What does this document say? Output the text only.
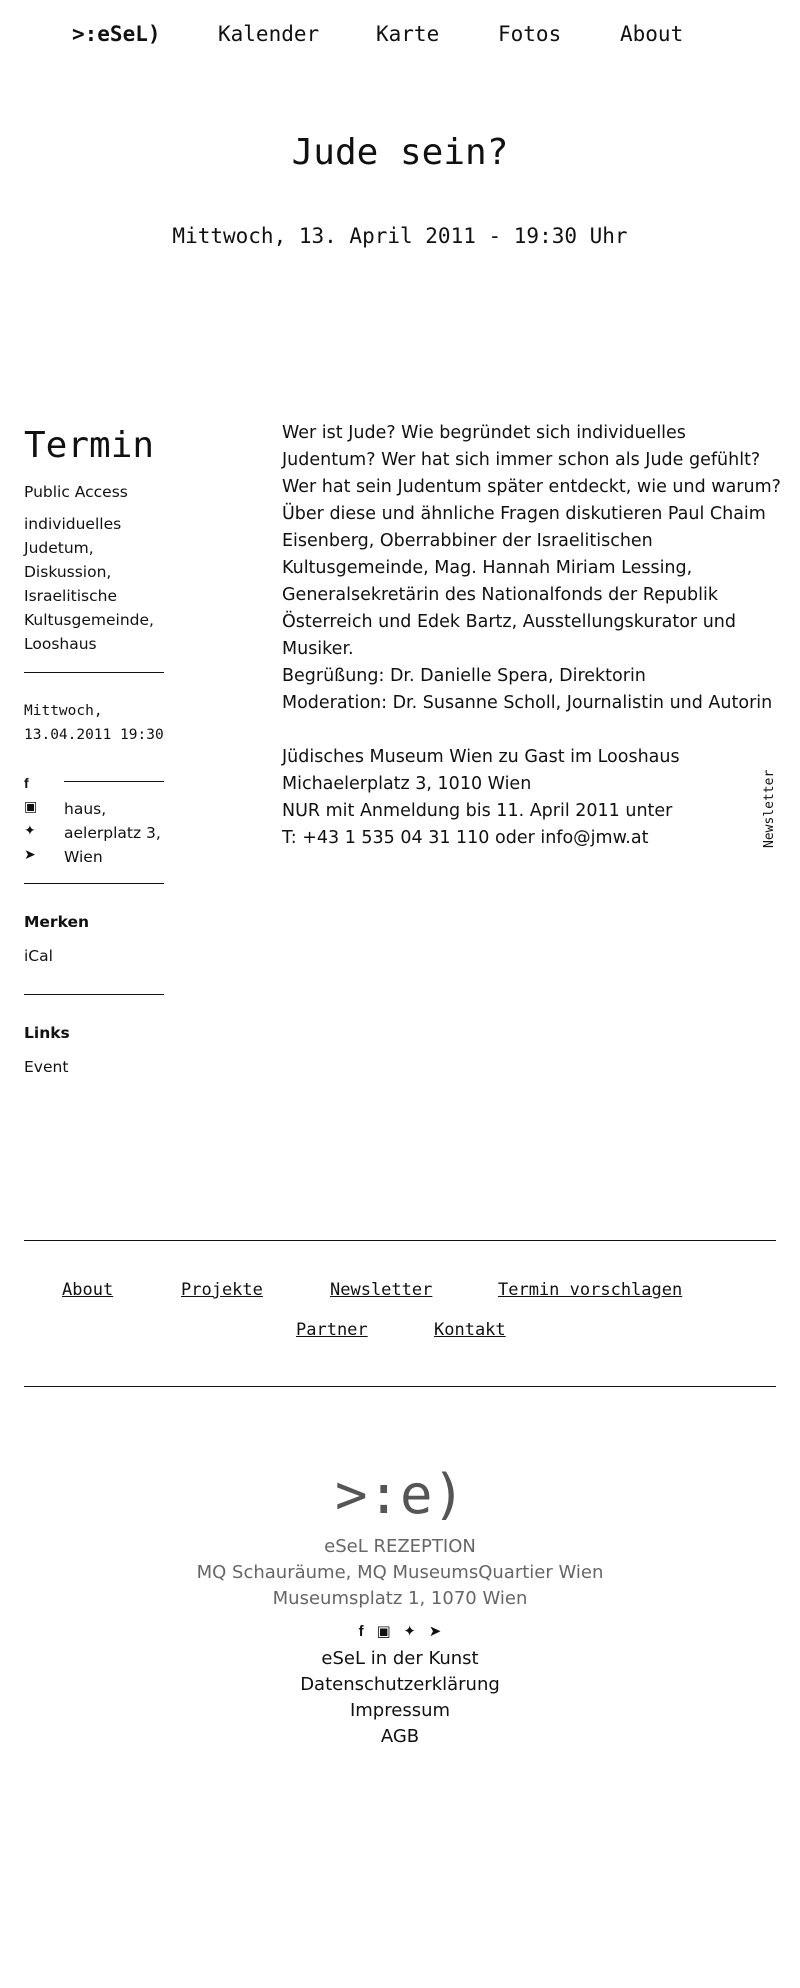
>:eSeL)	Kalender	Karte	Fotos	About
Jude sein?
Mittwoch, 13. April 2011 - 19:30 Uhr
Termin
Public Access
individuelles
Judetum,
Diskussion,
Israelitische
Kultusgemeinde,
Looshaus
Mittwoch,
13.04.2011 19:30
haus,
aelerplatz 3,
Wien
f
▣
✦
➤
Merken
iCal
Links
Event

Wer ist Jude? Wie begründet sich individuelles Judentum? Wer hat sich immer schon als Jude gefühlt? Wer hat sein Judentum später entdeckt, wie und warum? Über diese und ähnliche Fragen diskutieren Paul Chaim Eisenberg, Oberrabbiner der Israelitischen Kultusgemeinde, Mag. Hannah Miriam Lessing, Generalsekretärin des Nationalfonds der Republik Österreich und Edek Bartz, Ausstellungskurator und Musiker.
Begrüßung: Dr. Danielle Spera, Direktorin
Moderation: Dr. Susanne Scholl, Journalistin und Autorin

Jüdisches Museum Wien zu Gast im Looshaus
Michaelerplatz 3, 1010 Wien
NUR mit Anmeldung bis 11. April 2011 unter
T: +43 1 535 04 31 110 oder info@jmw.at	Newsletter
About	Projekte	Newsletter	Termin vorschlagen
Partner	Kontakt
>:e)
eSeL REZEPTION
MQ Schauräume, MQ MuseumsQuartier Wien
Museumsplatz 1, 1070 Wien
f ▣ ✦ ➤
eSeL in der Kunst
Datenschutzerklärung
Impressum
AGB
